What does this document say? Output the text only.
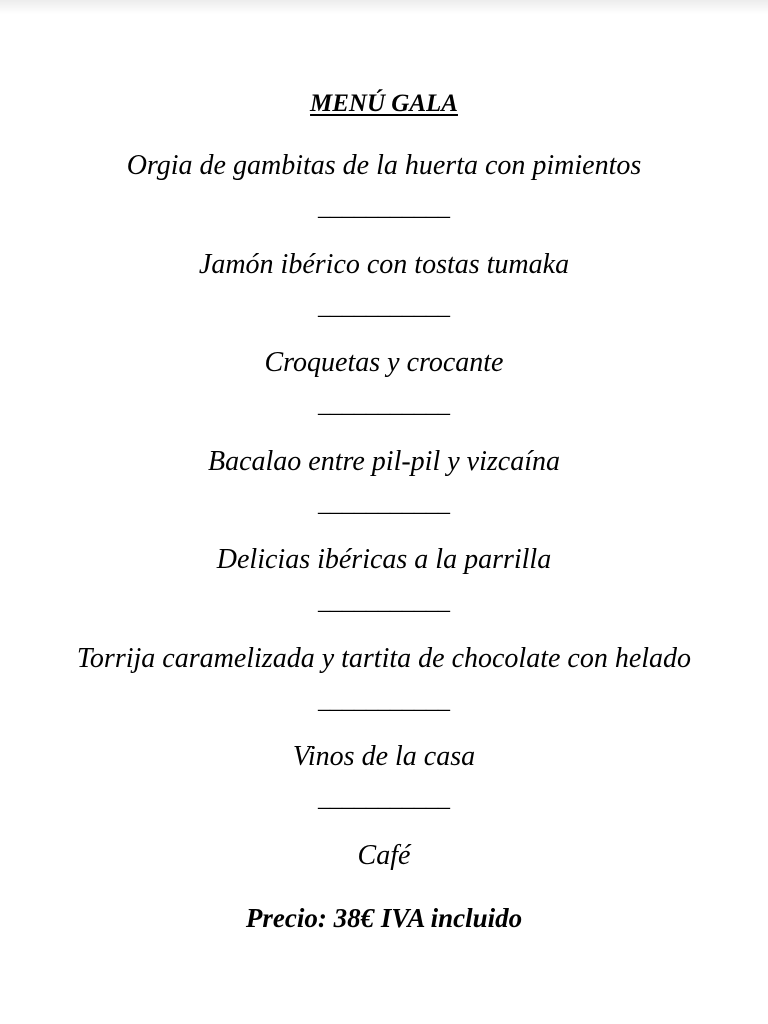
MENÚ GALA
Orgia de gambitas de la huerta con pimientos
___________
Jamón ibérico con tostas tumaka
___________
Croquetas y crocante
___________
Bacalao entre pil-pil y vizcaína
___________
Delicias ibéricas a la parrilla
___________
Torrija caramelizada y tartita de chocolate con helado
___________
Vinos de la casa
___________
Café
Precio: 38€ IVA incluido
